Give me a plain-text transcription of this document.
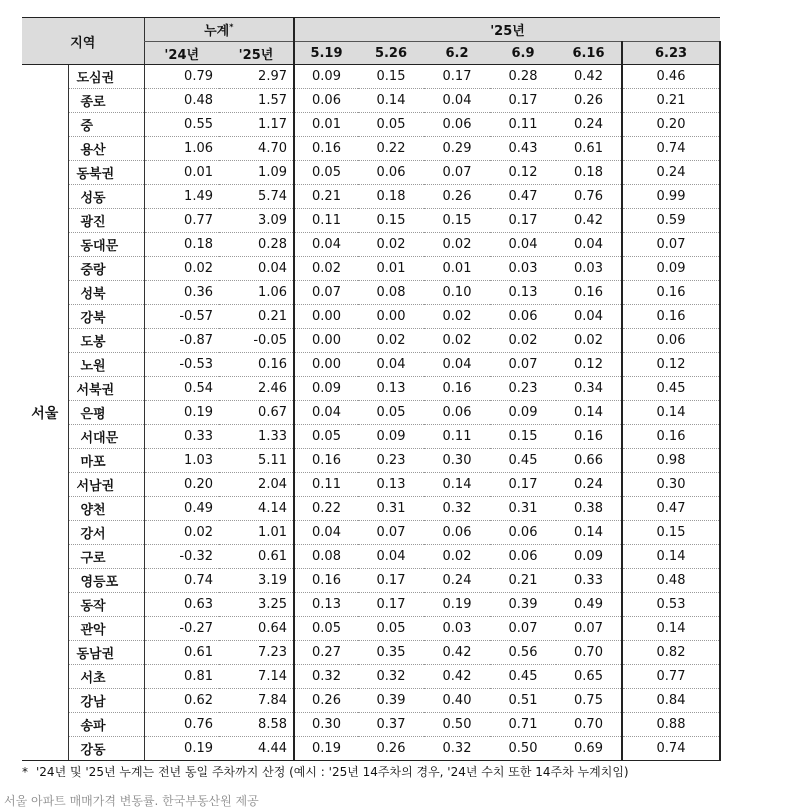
지역		누계*		'25년					
		'24년	'25년	5.19	5.26	6.2	6.9	6.16	6.23
서울	도심권	0.79	2.97	0.09	0.15	0.17	0.28	0.42	0.46
	종로	0.48	1.57	0.06	0.14	0.04	0.17	0.26	0.21
	중	0.55	1.17	0.01	0.05	0.06	0.11	0.24	0.20
	용산	1.06	4.70	0.16	0.22	0.29	0.43	0.61	0.74
	동북권	0.01	1.09	0.05	0.06	0.07	0.12	0.18	0.24
	성동	1.49	5.74	0.21	0.18	0.26	0.47	0.76	0.99
	광진	0.77	3.09	0.11	0.15	0.15	0.17	0.42	0.59
	동대문	0.18	0.28	0.04	0.02	0.02	0.04	0.04	0.07
	중랑	0.02	0.04	0.02	0.01	0.01	0.03	0.03	0.09
	성북	0.36	1.06	0.07	0.08	0.10	0.13	0.16	0.16
	강북	-0.57	0.21	0.00	0.00	0.02	0.06	0.04	0.16
	도봉	-0.87	-0.05	0.00	0.02	0.02	0.02	0.02	0.06
	노원	-0.53	0.16	0.00	0.04	0.04	0.07	0.12	0.12
	서북권	0.54	2.46	0.09	0.13	0.16	0.23	0.34	0.45
	은평	0.19	0.67	0.04	0.05	0.06	0.09	0.14	0.14
	서대문	0.33	1.33	0.05	0.09	0.11	0.15	0.16	0.16
	마포	1.03	5.11	0.16	0.23	0.30	0.45	0.66	0.98
	서남권	0.20	2.04	0.11	0.13	0.14	0.17	0.24	0.30
	양천	0.49	4.14	0.22	0.31	0.32	0.31	0.38	0.47
	강서	0.02	1.01	0.04	0.07	0.06	0.06	0.14	0.15
	구로	-0.32	0.61	0.08	0.04	0.02	0.06	0.09	0.14
	영등포	0.74	3.19	0.16	0.17	0.24	0.21	0.33	0.48
	동작	0.63	3.25	0.13	0.17	0.19	0.39	0.49	0.53
	관악	-0.27	0.64	0.05	0.05	0.03	0.07	0.07	0.14
	동남권	0.61	7.23	0.27	0.35	0.42	0.56	0.70	0.82
	서초	0.81	7.14	0.32	0.32	0.42	0.45	0.65	0.77
	강남	0.62	7.84	0.26	0.39	0.40	0.51	0.75	0.84
	송파	0.76	8.58	0.30	0.37	0.50	0.71	0.70	0.88
	강동	0.19	4.44	0.19	0.26	0.32	0.50	0.69	0.74
* '24년 및 '25년 누계는 전년 동일 주차까지 산정 (예시 : '25년 14주차의 경우, '24년 수치 또한 14주차 누계치임)
서울 아파트 매매가격 변동률. 한국부동산원 제공
